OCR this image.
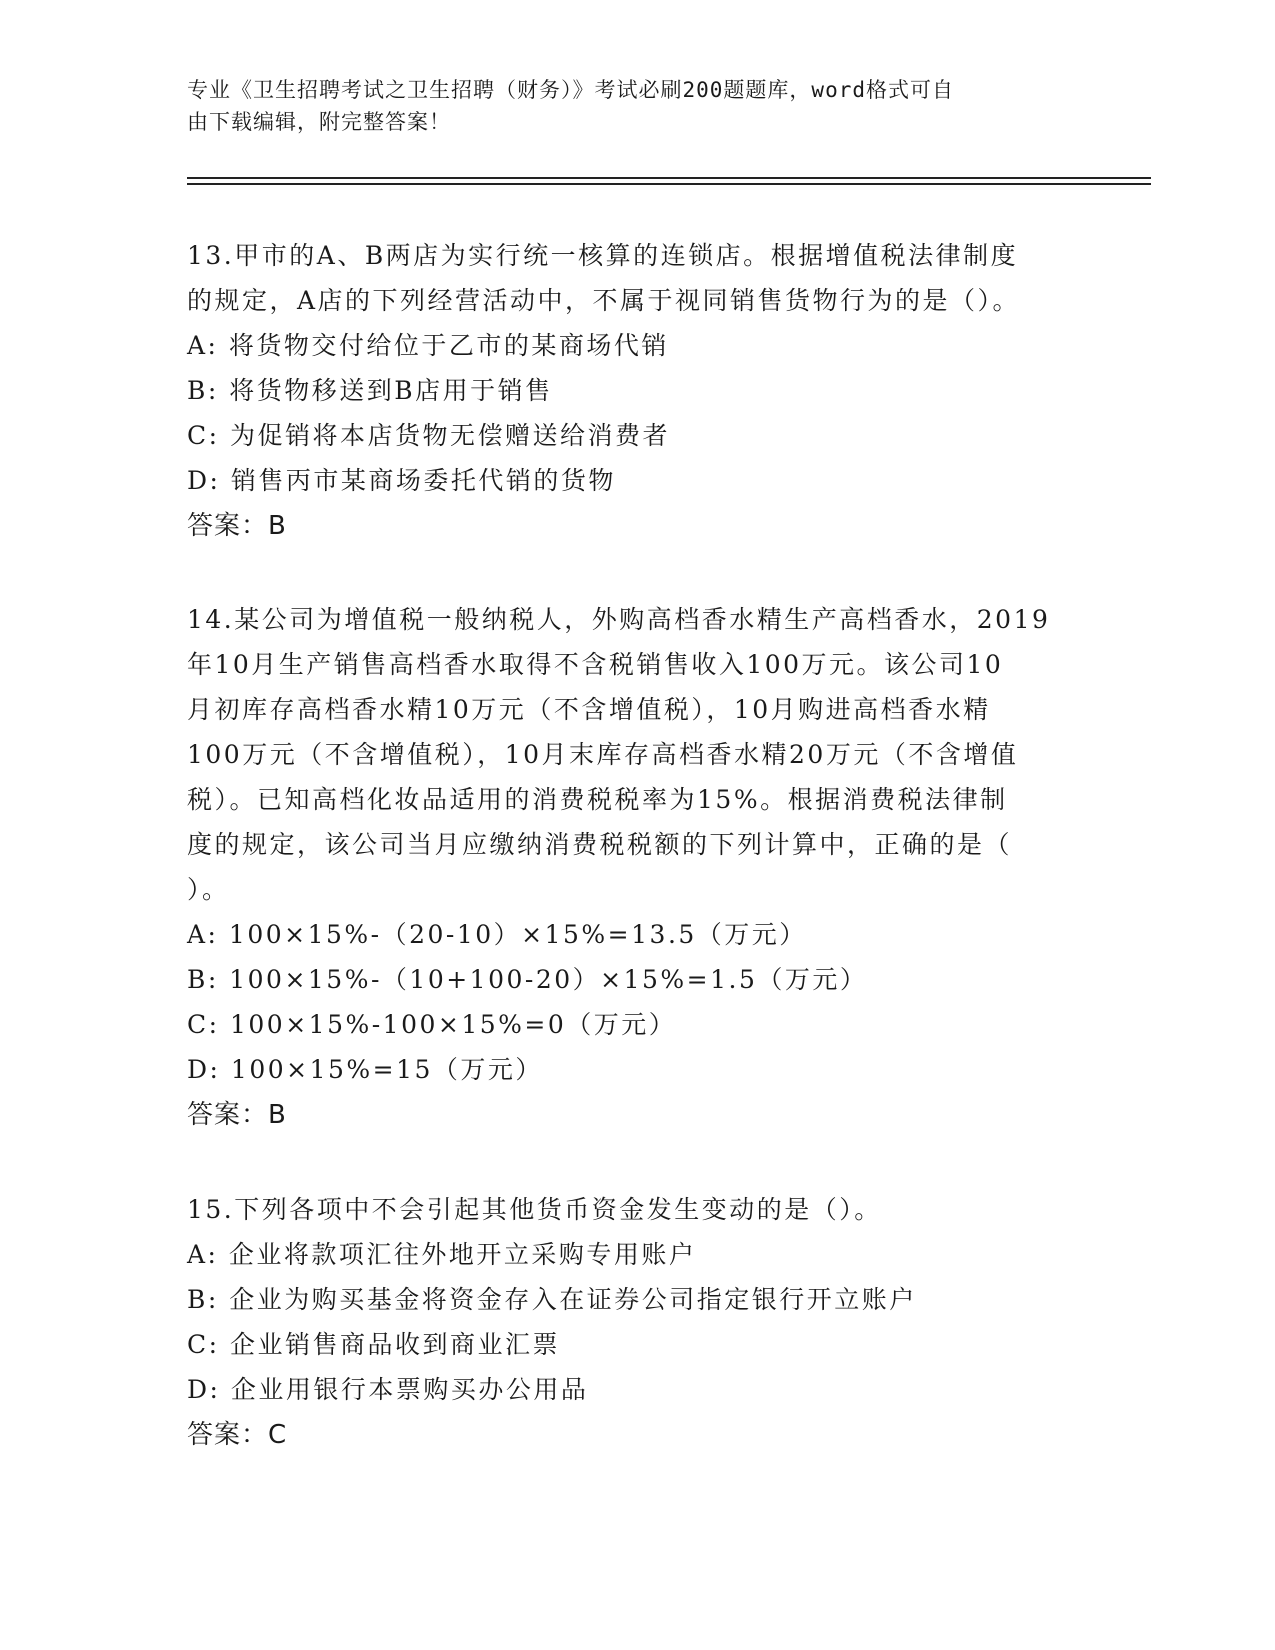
专业《卫生招聘考试之卫生招聘（财务）》考试必刷200题题库，word格式可自
由下载编辑，附完整答案！
13.甲市的A、B两店为实行统一核算的连锁店。根据增值税法律制度
的规定，A店的下列经营活动中，不属于视同销售货物行为的是（）。
A: 将货物交付给位于乙市的某商场代销
B: 将货物移送到B店用于销售
C: 为促销将本店货物无偿赠送给消费者
D: 销售丙市某商场委托代销的货物
答案：B
14.某公司为增值税一般纳税人，外购高档香水精生产高档香水，2019
年10月生产销售高档香水取得不含税销售收入100万元。该公司10
月初库存高档香水精10万元（不含增值税），10月购进高档香水精
100万元（不含增值税），10月末库存高档香水精20万元（不含增值
税）。已知高档化妆品适用的消费税税率为15%。根据消费税法律制
度的规定，该公司当月应缴纳消费税税额的下列计算中，正确的是（
）。
A: 100×15%-（20-10）×15%=13.5（万元）
B: 100×15%-（10+100-20）×15%=1.5（万元）
C: 100×15%-100×15%=0（万元）
D: 100×15%=15（万元）
答案：B
15.下列各项中不会引起其他货币资金发生变动的是（）。
A: 企业将款项汇往外地开立采购专用账户
B: 企业为购买基金将资金存入在证券公司指定银行开立账户
C: 企业销售商品收到商业汇票
D: 企业用银行本票购买办公用品
答案：C
